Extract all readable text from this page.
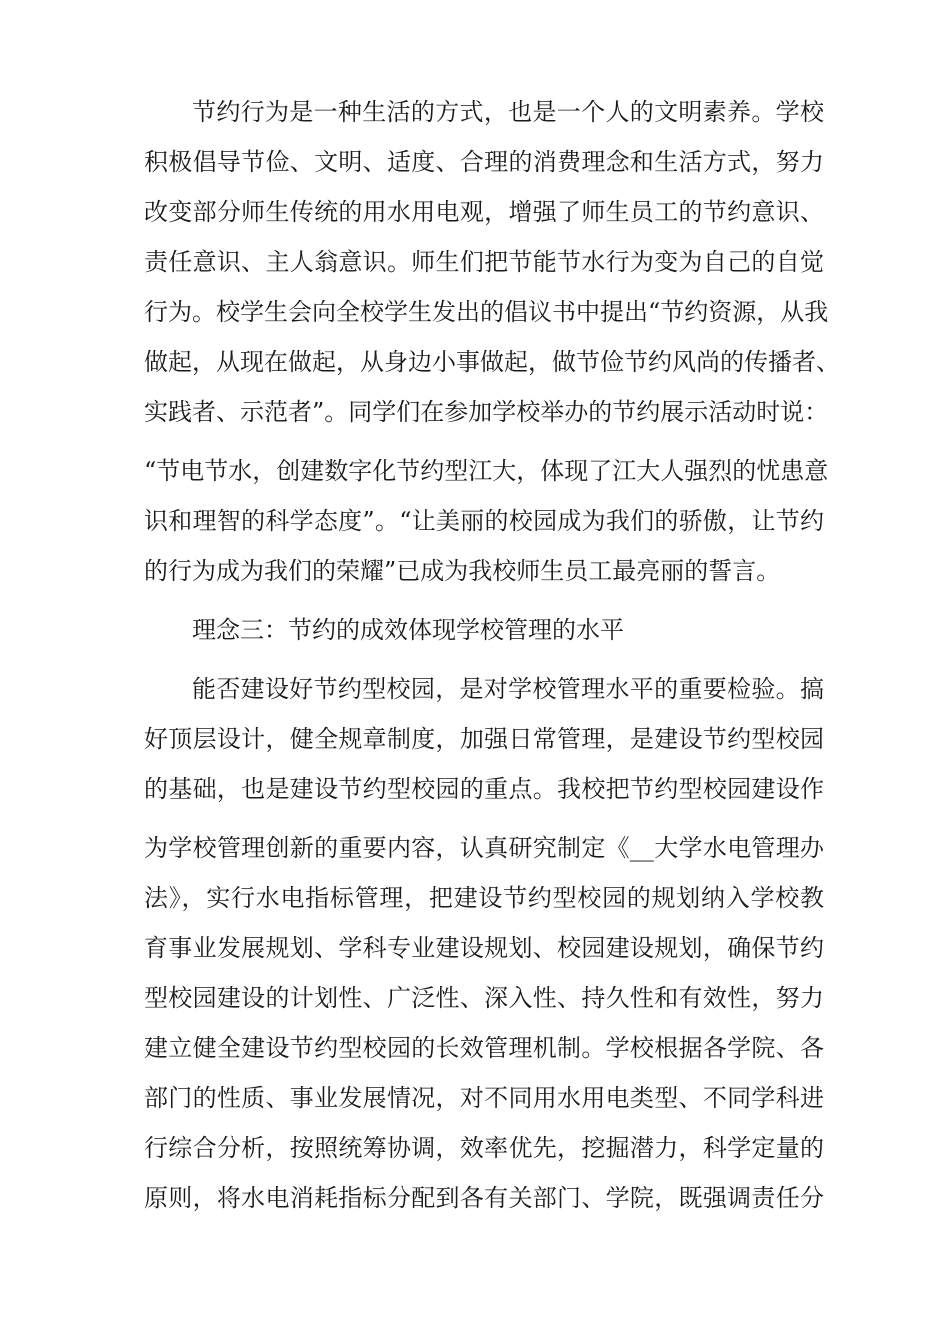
节约行为是一种生活的方式，也是一个人的文明素养。学校

积极倡导节俭、文明、适度、合理的消费理念和生活方式，努力

改变部分师生传统的用水用电观，增强了师生员工的节约意识、

责任意识、主人翁意识。师生们把节能节水行为变为自己的自觉

行为。校学生会向全校学生发出的倡议书中提出“节约资源，从我

做起，从现在做起，从身边小事做起，做节俭节约风尚的传播者、

实践者、示范者”。同学们在参加学校举办的节约展示活动时说：

“节电节水，创建数字化节约型江大，体现了江大人强烈的忧患意

识和理智的科学态度”。“让美丽的校园成为我们的骄傲，让节约

的行为成为我们的荣耀”已成为我校师生员工最亮丽的誓言。

理念三：节约的成效体现学校管理的水平

能否建设好节约型校园，是对学校管理水平的重要检验。搞

好顶层设计，健全规章制度，加强日常管理，是建设节约型校园

的基础，也是建设节约型校园的重点。我校把节约型校园建设作

为学校管理创新的重要内容，认真研究制定《__大学水电管理办

法》，实行水电指标管理，把建设节约型校园的规划纳入学校教

育事业发展规划、学科专业建设规划、校园建设规划，确保节约

型校园建设的计划性、广泛性、深入性、持久性和有效性，努力

建立健全建设节约型校园的长效管理机制。学校根据各学院、各

部门的性质、事业发展情况，对不同用水用电类型、不同学科进

行综合分析，按照统筹协调，效率优先，挖掘潜力，科学定量的

原则，将水电消耗指标分配到各有关部门、学院，既强调责任分
